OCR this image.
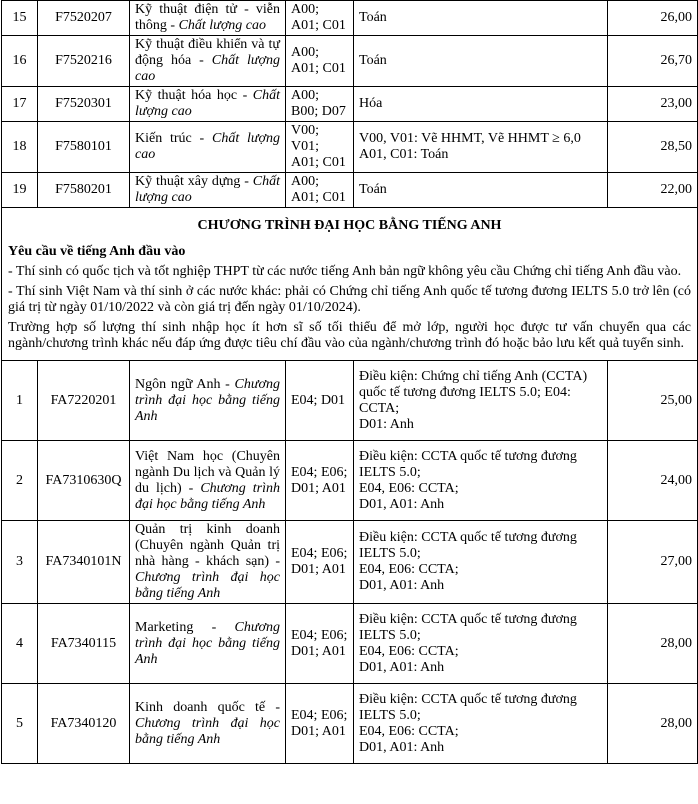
15	F7520207	Kỹ thuật điện tử - viễn thông - Chất lượng cao	A00; A01; C01	Toán	26,00
16	F7520216	Kỹ thuật điều khiển và tự động hóa - Chất lượng cao	A00; A01; C01	Toán	26,70
17	F7520301	Kỹ thuật hóa học - Chất lượng cao	A00; B00; D07	Hóa	23,00
18	F7580101	Kiến trúc - Chất lượng cao	V00; V01; A01; C01	V00, V01: Vẽ HHMT, Vẽ HHMT ≥ 6,0 A01, C01: Toán	28,50
19	F7580201	Kỹ thuật xây dựng - Chất lượng cao	A00; A01; C01	Toán	22,00

CHƯƠNG TRÌNH ĐẠI HỌC BẰNG TIẾNG ANH
Yêu cầu về tiếng Anh đầu vào

- Thí sinh có quốc tịch và tốt nghiệp THPT từ các nước tiếng Anh bản ngữ không yêu cầu Chứng chỉ tiếng Anh đầu vào.

- Thí sinh Việt Nam và thí sinh ở các nước khác: phải có Chứng chỉ tiếng Anh quốc tế tương đương IELTS 5.0 trở lên (có giá trị từ ngày 01/10/2022 và còn giá trị đến ngày 01/10/2024).

Trường hợp số lượng thí sinh nhập học ít hơn sĩ số tối thiểu để mở lớp, người học được tư vấn chuyển qua các ngành/chương trình khác nếu đáp ứng được tiêu chí đầu vào của ngành/chương trình đó hoặc bảo lưu kết quả tuyển sinh.					

1	FA7220201	Ngôn ngữ Anh - Chương trình đại học bằng tiếng Anh	E04; D01	Điều kiện: Chứng chỉ tiếng Anh (CCTA) quốc tế tương đương IELTS 5.0; E04: CCTA;
D01: Anh	25,00
2	FA7310630Q	Việt Nam học (Chuyên ngành Du lịch và Quản lý du lịch) - Chương trình đại học bằng tiếng Anh	E04; E06; D01; A01	Điều kiện: CCTA quốc tế tương đương IELTS 5.0;
E04, E06: CCTA;
D01, A01: Anh	24,00
3	FA7340101N	Quản trị kinh doanh (Chuyên ngành Quản trị nhà hàng - khách sạn) - Chương trình đại học bằng tiếng Anh	E04; E06; D01; A01	Điều kiện: CCTA quốc tế tương đương IELTS 5.0;
E04, E06: CCTA;
D01, A01: Anh	27,00
4	FA7340115	Marketing - Chương trình đại học bằng tiếng Anh	E04; E06; D01; A01	Điều kiện: CCTA quốc tế tương đương IELTS 5.0;
E04, E06: CCTA;
D01, A01: Anh	28,00
5	FA7340120	Kinh doanh quốc tế - Chương trình đại học bằng tiếng Anh	E04; E06; D01; A01	Điều kiện: CCTA quốc tế tương đương IELTS 5.0;
E04, E06: CCTA;
D01, A01: Anh	28,00
